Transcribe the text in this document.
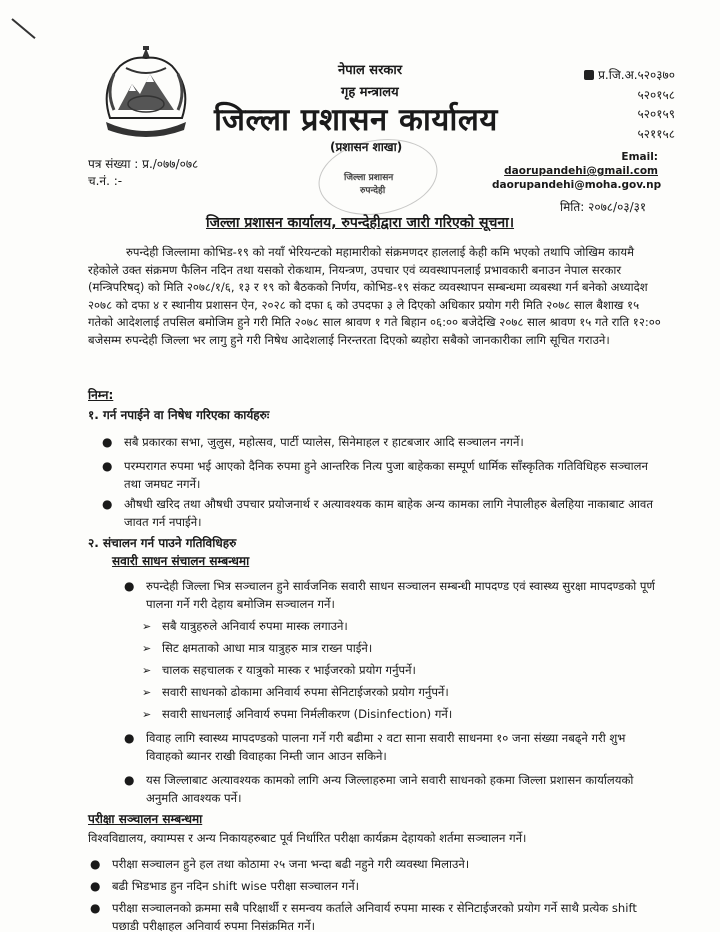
नेपाल सरकार
गृह मन्त्रालय
जिल्ला प्रशासन कार्यालय
(प्रशासन शाखा)
जिल्ला प्रशासन
रुपन्देही
प्र.जि.अ.५२०३७०
५२०१५८
५२०१५९
५२११५८
Email: daorupandehi@gmail.com
daorupandehi@moha.gov.np
पत्र संख्या : प्र./०७७/०७८
च.नं. :-
मिति: २०७८/०३/३१
जिल्ला प्रशासन कार्यालय, रुपन्देहीद्वारा जारी गरिएको सूचना।
रुपन्देही जिल्लामा कोभिड-१९ को नयाँ भेरियन्टको महामारीको संक्रमणदर हाललाई केही कमि भएको तथापि जोखिम कायमै रहेकोले उक्त संक्रमण फैलिन नदिन तथा यसको रोकथाम, नियन्त्रण, उपचार एवं व्यवस्थापनलाई प्रभावकारी बनाउन नेपाल सरकार (मन्त्रिपरिषद्) को मिति २०७८/१/६, १३ र १९ को बैठकको निर्णय, कोभिड-१९ संकट व्यवस्थापन सम्बन्धमा व्यबस्था गर्न बनेको अध्यादेश २०७८ को दफा ४ र स्थानीय प्रशासन ऐन, २०२८ को दफा ६ को उपदफा ३ ले दिएको अधिकार प्रयोग गरी मिति २०७८ साल बैशाख १५ गतेको आदेशलाई तपसिल बमोजिम हुने गरी मिति २०७८ साल श्रावण १ गते बिहान ०६:०० बजेदेखि २०७८ साल श्रावण १५ गते राति १२:०० बजेसम्म रुपन्देही जिल्ला भर लागु हुने गरी निषेध आदेशलाई निरन्तरता दिएको ब्यहोरा सबैको जानकारीका लागि सूचित गराउने।
निम्न:
१. गर्न नपाईने वा निषेध गरिएका कार्यहरुः
● सबै प्रकारका सभा, जुलुस, महोत्सव, पार्टी प्यालेस, सिनेमाहल र हाटबजार आदि सञ्चालन नगर्ने।
● परम्परागत रुपमा भई आएको दैनिक रुपमा हुने आन्तरिक नित्य पुजा बाहेकका सम्पूर्ण धार्मिक साँस्कृतिक गतिविधिहरु सञ्चालन तथा जमघट नगर्ने।
● औषधी खरिद तथा औषधी उपचार प्रयोजनार्थ र अत्यावश्यक काम बाहेक अन्य कामका लागि नेपालीहरु बेलहिया नाकाबाट आवत जावत गर्न नपाईने।
२. संचालन गर्न पाउने गतिविधिहरु
सवारी साधन संचालन सम्बन्धमा
● रुपन्देही जिल्ला भित्र सञ्चालन हुने सार्वजनिक सवारी साधन सञ्चालन सम्बन्धी मापदण्ड एवं स्वास्थ्य सुरक्षा मापदण्डको पूर्ण पालना गर्ने गरी देहाय बमोजिम सञ्चालन गर्ने।
➢ सबै यात्रुहरुले अनिवार्य रुपमा मास्क लगाउने।
➢ सिट क्षमताको आधा मात्र यात्रुहरु मात्र राख्न पाईने।
➢ चालक सहचालक र यात्रुको मास्क र भाईजरको प्रयोग गर्नुपर्ने।
➢ सवारी साधनको ढोकामा अनिवार्य रुपमा सेनिटाईजरको प्रयोग गर्नुपर्ने।
➢ सवारी साधनलाई अनिवार्य रुपमा निर्मलीकरण (Disinfection) गर्ने।
● विवाह लागि स्वास्थ्य मापदण्डको पालना गर्ने गरी बढीमा २ वटा साना सवारी साधनमा १० जना संख्या नबढ्ने गरी शुभ विवाहको ब्यानर राखी विवाहका निम्ती जान आउन सकिने।
● यस जिल्लाबाट अत्यावश्यक कामको लागि अन्य जिल्लाहरुमा जाने सवारी साधनको हकमा जिल्ला प्रशासन कार्यालयको अनुमति आवश्यक पर्ने।
परीक्षा सञ्चालन सम्बन्धमा
विश्वविद्यालय, क्याम्पस र अन्य निकायहरुबाट पूर्व निर्धारित परीक्षा कार्यक्रम देहायको शर्तमा सञ्चालन गर्ने।
● परीक्षा सञ्चालन हुने हल तथा कोठामा २५ जना भन्दा बढी नहुने गरी व्यवस्था मिलाउने।
● बढी भिडभाड हुन नदिन shift wise परीक्षा सञ्चालन गर्ने।
● परीक्षा सञ्चालनको क्रममा सबै परिक्षार्थी र समन्वय कर्ताले अनिवार्य रुपमा मास्क र सेनिटाईजरको प्रयोग गर्ने साथै प्रत्येक shift पछाडी परीक्षाहल अनिवार्य रुपमा निसंक्रमित गर्ने।
